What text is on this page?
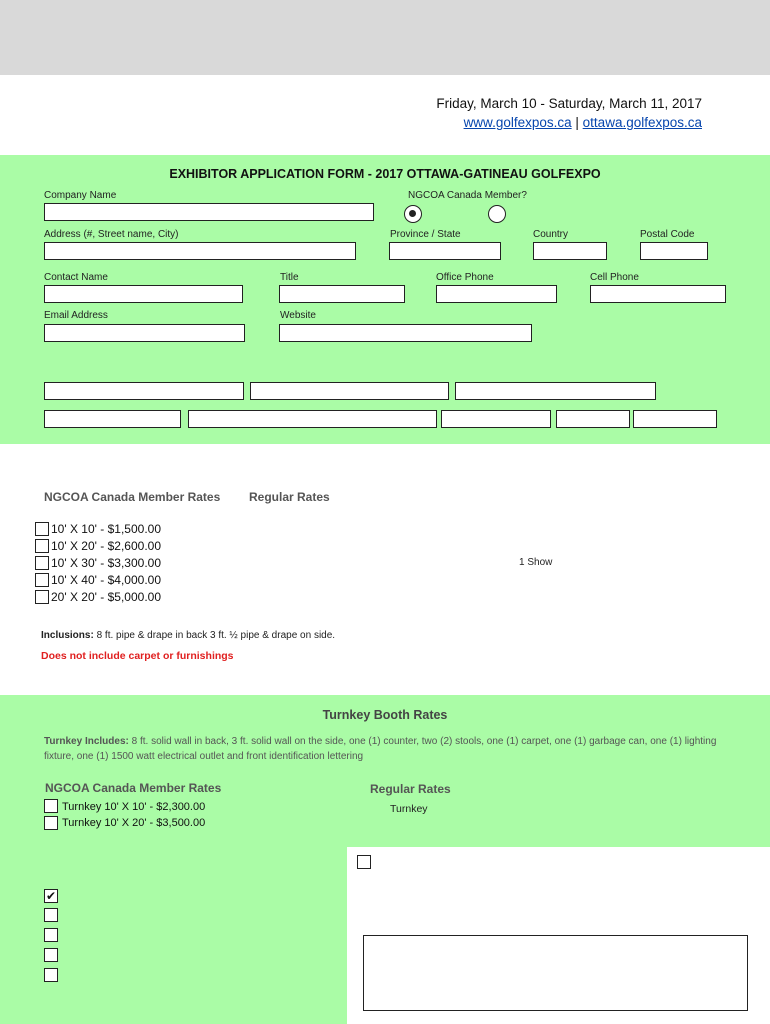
Friday, March 10 - Saturday, March 11, 2017
www.golfexpos.ca | ottawa.golfexpos.ca
EXHIBITOR APPLICATION FORM - 2017 OTTAWA-GATINEAU GOLFEXPO
Company Name	NGCOA Canada Member?
Address (#, Street name, City)	Province / State	Country	Postal Code
Contact Name	Title	Office Phone	Cell Phone
Email Address	Website
NGCOA Canada Member Rates Regular Rates
10' X 10' - $1,500.00
10' X 20' - $2,600.00
10' X 30' - $3,300.00
10' X 40' - $4,000.00
20' X 20' - $5,000.00
1 Show
Inclusions: 8 ft. pipe & drape in back 3 ft. ½ pipe & drape on side.
Does not include carpet or furnishings
Turnkey Booth Rates
Turnkey Includes: 8 ft. solid wall in back, 3 ft. solid wall on the side, one (1) counter, two (2) stools, one (1) carpet, one (1) garbage can, one (1) lighting fixture, one (1) 1500 watt electrical outlet and front identification lettering
NGCOA Canada Member Rates	Regular Rates
Turnkey 10' X 10' - $2,300.00
Turnkey 10' X 20' - $3,500.00
Turnkey
✔
